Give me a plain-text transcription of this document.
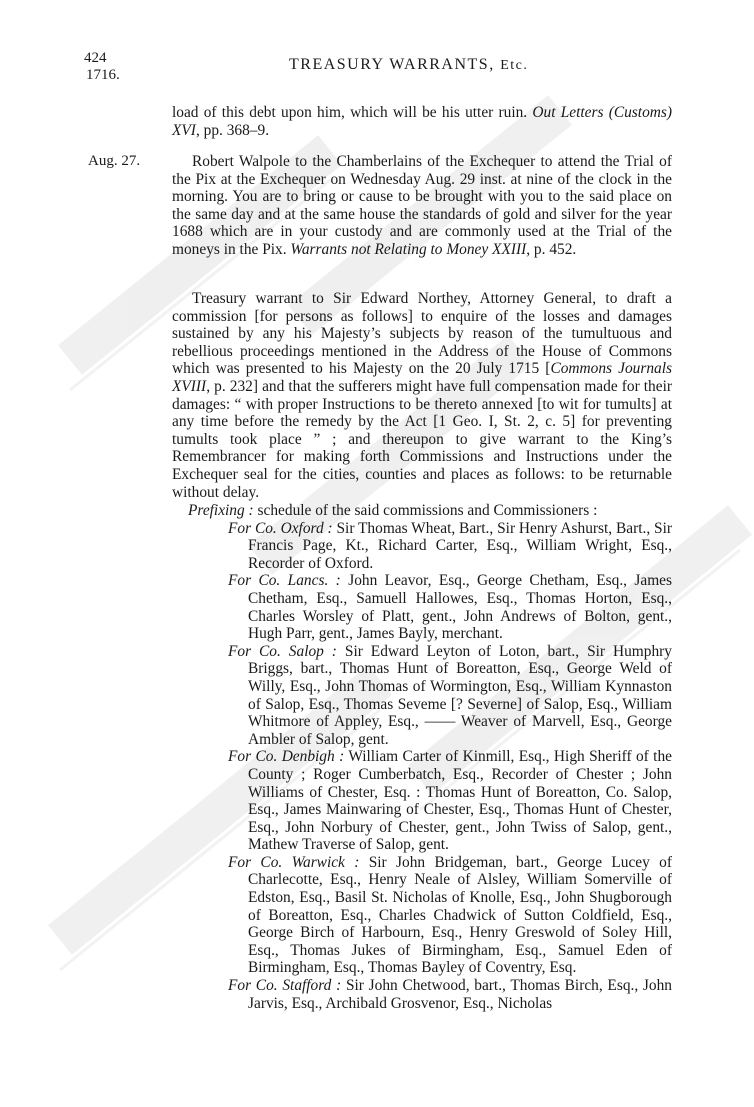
424
1716.
TREASURY WARRANTS, Etc.
load of this debt upon him, which will be his utter ruin. Out Letters (Customs) XVI, pp. 368–9.
Aug. 27.	Robert Walpole to the Chamberlains of the Exchequer to attend the Trial of the Pix at the Exchequer on Wednesday Aug. 29 inst. at nine of the clock in the morning. You are to bring or cause to be brought with you to the said place on the same day and at the same house the standards of gold and silver for the year 1688 which are in your custody and are commonly used at the Trial of the moneys in the Pix. Warrants not Relating to Money XXIII, p. 452.
Treasury warrant to Sir Edward Northey, Attorney General, to draft a commission [for persons as follows] to enquire of the losses and damages sustained by any his Majesty’s subjects by reason of the tumultuous and rebellious proceedings mentioned in the Address of the House of Commons which was presented to his Majesty on the 20 July 1715 [Commons Journals XVIII, p. 232] and that the sufferers might have full compensation made for their damages: “ with proper Instructions to be thereto annexed [to wit for tumults] at any time before the remedy by the Act [1 Geo. I, St. 2, c. 5] for preventing tumults took place ” ; and thereupon to give warrant to the King’s Remembrancer for making forth Commissions and Instructions under the Exchequer seal for the cities, counties and places as follows: to be returnable without delay.
Prefixing : schedule of the said commissions and Commissioners :
For Co. Oxford : Sir Thomas Wheat, Bart., Sir Henry Ashurst, Bart., Sir Francis Page, Kt., Richard Carter, Esq., William Wright, Esq., Recorder of Oxford.
For Co. Lancs. : John Leavor, Esq., George Chetham, Esq., James Chetham, Esq., Samuell Hallowes, Esq., Thomas Horton, Esq., Charles Worsley of Platt, gent., John Andrews of Bolton, gent., Hugh Parr, gent., James Bayly, merchant.
For Co. Salop : Sir Edward Leyton of Loton, bart., Sir Humphry Briggs, bart., Thomas Hunt of Boreatton, Esq., George Weld of Willy, Esq., John Thomas of Wormington, Esq., William Kynnaston of Salop, Esq., Thomas Seveme [? Severne] of Salop, Esq., William Whitmore of Appley, Esq., —— Weaver of Marvell, Esq., George Ambler of Salop, gent.
For Co. Denbigh : William Carter of Kinmill, Esq., High Sheriff of the County ; Roger Cumberbatch, Esq., Recorder of Chester ; John Williams of Chester, Esq. : Thomas Hunt of Boreatton, Co. Salop, Esq., James Mainwaring of Chester, Esq., Thomas Hunt of Chester, Esq., John Norbury of Chester, gent., John Twiss of Salop, gent., Mathew Traverse of Salop, gent.
For Co. Warwick : Sir John Bridgeman, bart., George Lucey of Charlecotte, Esq., Henry Neale of Alsley, William Somerville of Edston, Esq., Basil St. Nicholas of Knolle, Esq., John Shugborough of Boreatton, Esq., Charles Chadwick of Sutton Coldfield, Esq., George Birch of Harbourn, Esq., Henry Greswold of Soley Hill, Esq., Thomas Jukes of Birmingham, Esq., Samuel Eden of Birmingham, Esq., Thomas Bayley of Coventry, Esq.
For Co. Stafford : Sir John Chetwood, bart., Thomas Birch, Esq., John Jarvis, Esq., Archibald Grosvenor, Esq., Nicholas
